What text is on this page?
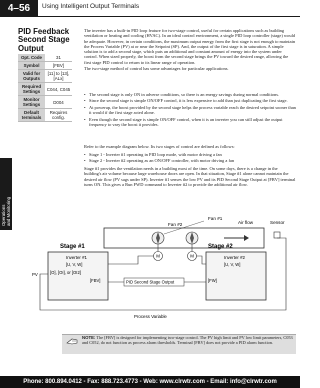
4–56	Using Intelligent Output Terminals
Operations and Monitoring
PID Feedback Second Stage Output
Opt. Code	31
Symbol	[FBV]
Valid for Outputs	[11] to [13], [ALx]
Required Settings	C044, C045
Monitor Settings	D004
Default terminals	Requires config.

The inverter has a built-in PID loop feature for two-stage control, useful for certain applications such as building ventilation or heating and cooling (HVAC). In an ideal control environment, a single PID loop controller (stage) would be adequate. However, in certain conditions, the maximum output energy from the first stage is not enough to maintain the Process Variable (PV) at or near the Setpoint (SP). And, the output of the first stage is in saturation. A simple solution is to add a second stage, which puts an additional and constant amount of energy into the system under control. When sized properly, the boost from the second stage brings the PV toward the desired range, allowing the first stage PID control to return to its linear range of operation.

The two-stage method of control has some advantages for particular applications.

• The second stage is only ON in adverse conditions, so there is an energy savings during normal conditions.
• Since the second stage is simple ON/OFF control, it is less expensive to add than just duplicating the first stage.
• At powerup, the boost provided by the second stage helps the process variable reach the desired setpoint sooner than it would if the first stage acted alone.
• Even though the second stage is simple ON/OFF control, when it is an inverter you can still adjust the output frequency to vary the boost it provides.

Refer to the example diagram below. Its two stages of control are defined as follows:

• Stage 1 - Inverter #1 operating in PID loop mode, with motor driving a fan
• Stage 2 - Inverter #2 operating as an ON/OFF controller, with motor driving a fan

Stage #1 provides the ventilation needs in a building most of the time. On some days, there is a change in the building's air volume because large warehouse doors are open. In that situation, Stage #1 alone cannot maintain the desired air flow (PV sags under SP). Inverter #1 senses the low PV and its PID Second Stage Output at [FBV] terminal turns ON. This gives a Run FWD command to Inverter #2 to provide the additional air flow.

Fan #1
Fan #2	Air flow	Sensor
M	M
Stage #1	Stage #2
Inverter #1
[U, V, W]
[O], [OI], or [OI2]
[FBV]
Inverter #2
[U, V, W]
[FW]
PID Second Stage Output
PV
Process Variable
NOTE: The [FBV] is designed for implementing two-stage control. The PV high limit and PV low limit parameters, C053 and C052, do not function as process alarm thresholds. Terminal [FBV] does not provide a PID alarm function.
Phone: 800.894.0412 - Fax: 888.723.4773 - Web: www.clrwtr.com - Email: info@clrwtr.com
